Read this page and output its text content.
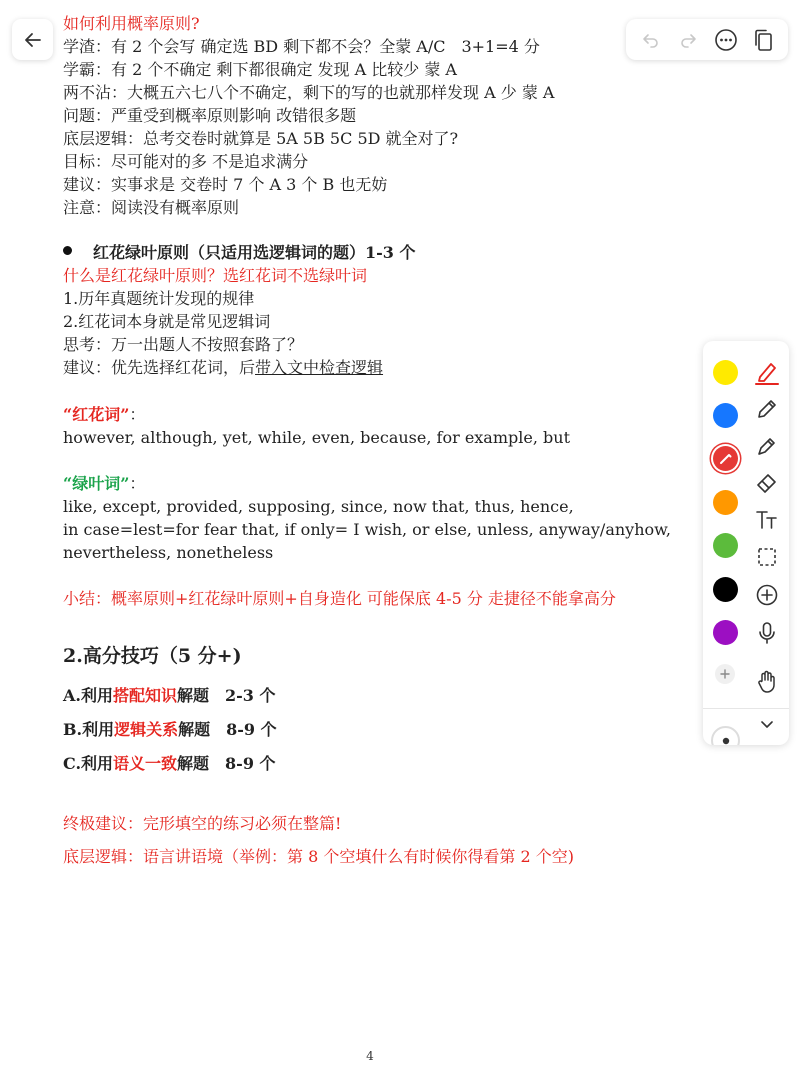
如何利用概率原则?
学渣：有 2 个会写 确定选 BD 剩下都不会？全蒙 A/C　3+1=4 分
学霸：有 2 个不确定 剩下都很确定 发现 A 比较少 蒙 A
两不沾：大概五六七八个不确定，剩下的写的也就那样发现 A 少 蒙 A
问题：严重受到概率原则影响 改错很多题
底层逻辑：总考交卷时就算是 5A 5B 5C 5D 就全对了?
目标：尽可能对的多 不是追求满分
建议：实事求是 交卷时 7 个 A 3 个 B 也无妨
注意：阅读没有概率原则
红花绿叶原则（只适用选逻辑词的题）1-3 个
什么是红花绿叶原则？选红花词不选绿叶词
1.历年真题统计发现的规律
2.红花词本身就是常见逻辑词
思考：万一出题人不按照套路了？
建议：优先选择红花词，后带入文中检查逻辑
“红花词”：
however, although, yet, while, even, because, for example, but
“绿叶词”：
like, except, provided, supposing, since, now that, thus, hence,
in case=lest=for fear that, if only= I wish, or else, unless, anyway/anyhow,
nevertheless, nonetheless
小结：概率原则+红花绿叶原则+自身造化 可能保底 4-5 分 走捷径不能拿高分
2.高分技巧（5 分+)
A.利用搭配知识解题　2-3 个
B.利用逻辑关系解题　8-9 个
C.利用语义一致解题　8-9 个
终极建议：完形填空的练习必须在整篇!
底层逻辑：语言讲语境（举例：第 8 个空填什么有时候你得看第 2 个空)
4
